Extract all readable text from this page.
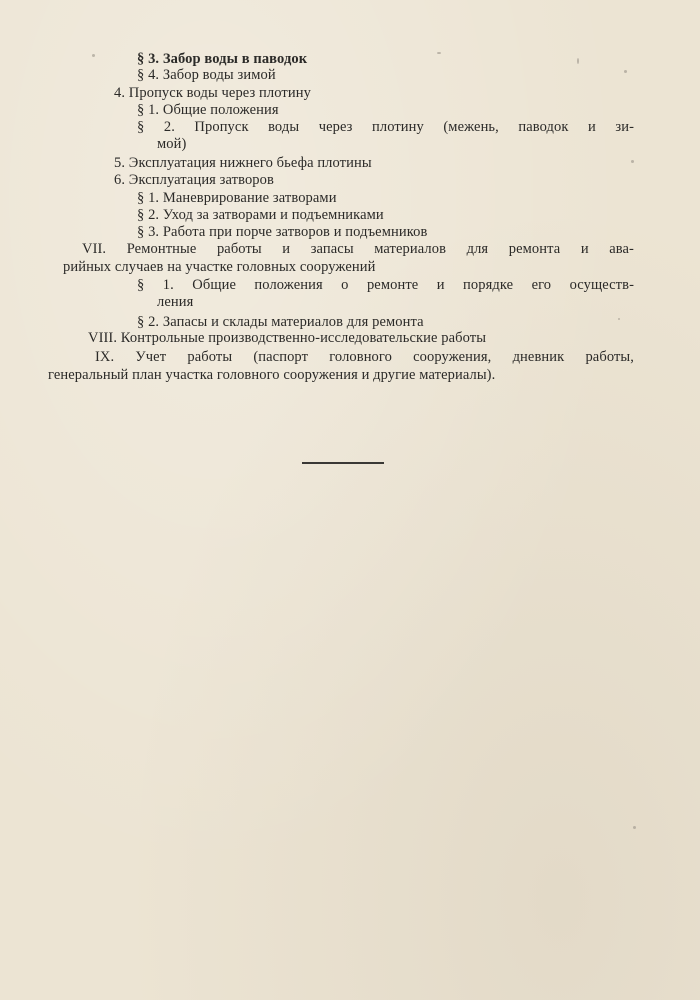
§ 3. Забор воды в паводок
§ 4. Забор воды зимой
4. Пропуск воды через плотину
§ 1. Общие положения
§ 2. Пропуск воды через плотину (межень, паводок и зи-
мой)
5. Эксплуатация нижнего бьефа плотины
6. Эксплуатация затворов
§ 1. Маневрирование затворами
§ 2. Уход за затворами и подъемниками
§ 3. Работа при порче затворов и подъемников
VII. Ремонтные работы и запасы материалов для ремонта и ава-
рийных случаев на участке головных сооружений
§ 1. Общие положения о ремонте и порядке его осуществ-
ления
§ 2. Запасы и склады материалов для ремонта
VIII. Контрольные производственно-исследовательские работы
IX. Учет работы (паспорт головного сооружения, дневник работы,
генеральный план участка головного сооружения и другие материалы).
